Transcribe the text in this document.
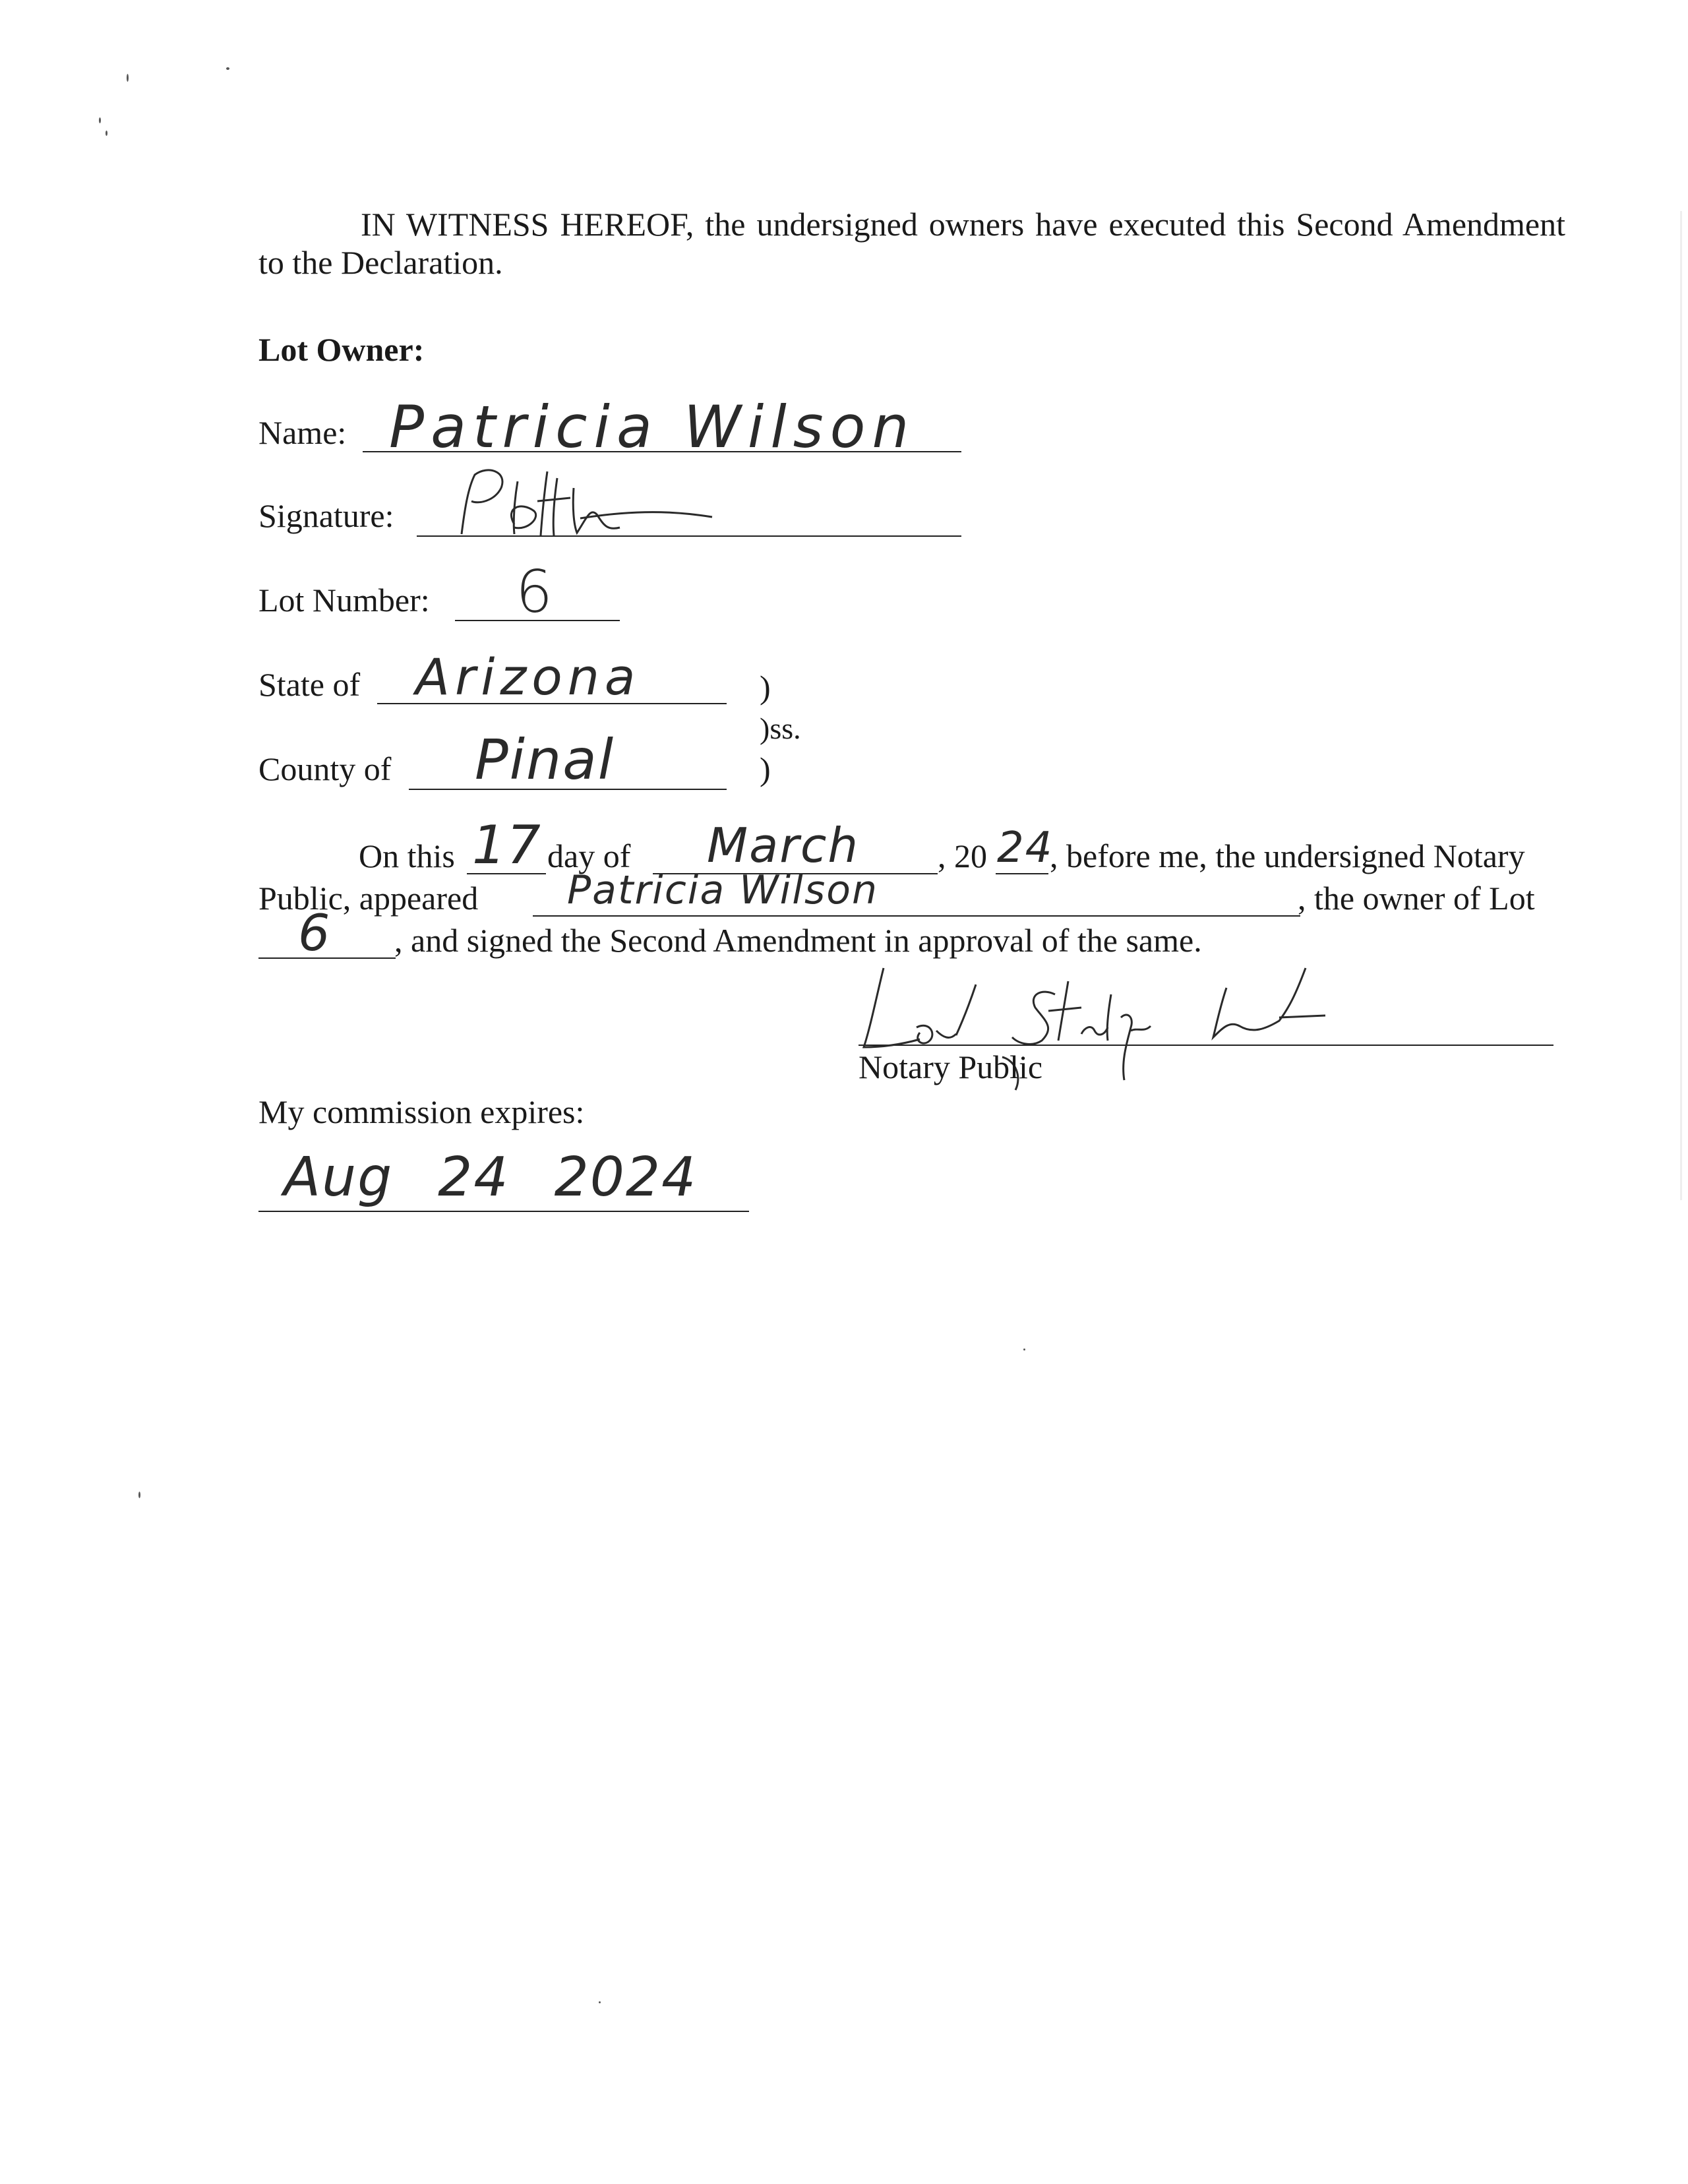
IN WITNESS HEREOF, the undersigned owners have executed this Second Amendment to the Declaration.
Lot Owner:
Name: Patricia Wilson
Signature:
Lot Number: 6
State of Arizona	)
)ss.
County of Pinal	)
On this 17 day of March , 20 24
, before me, the undersigned Notary
Public, appeared Patricia Wilson	, the owner of Lot
6 , and signed the Second Amendment in approval of the same.
Notary Public
My commission expires:
Aug 24 2024
